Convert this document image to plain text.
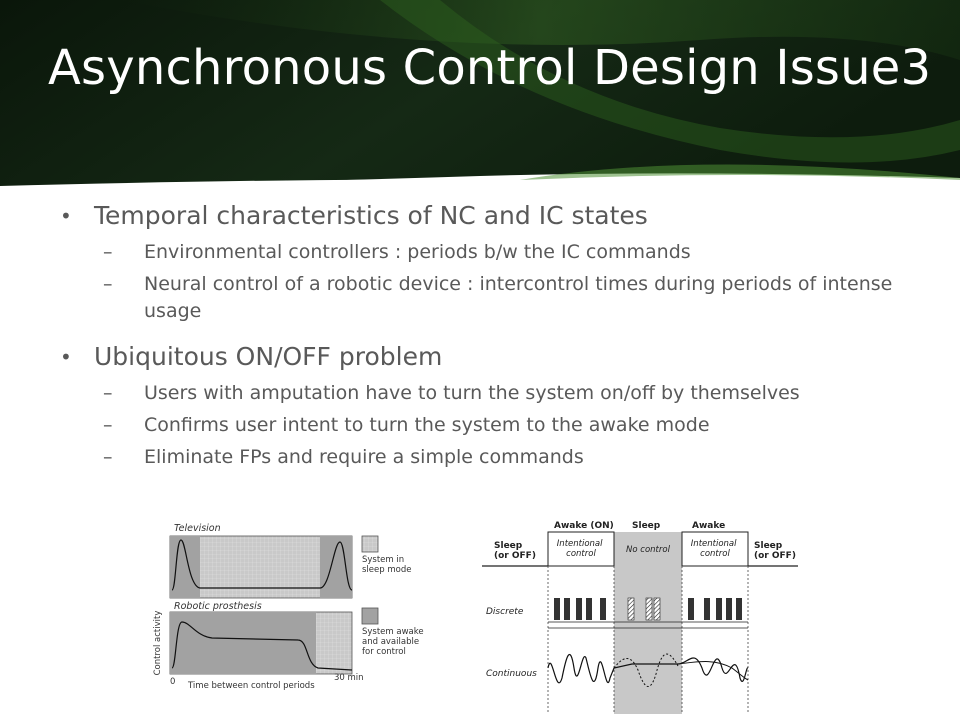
Asynchronous Control Design Issue3
• Temporal characteristics of NC and IC states
– Environmental controllers : periods b/w the IC commands
– Neural control of a robotic device : intercontrol times during periods of intense usage
• Ubiquitous ON/OFF problem
– Users with amputation have to turn the system on/off by themselves
– Confirms user intent to turn the system to the awake mode
– Eliminate FPs and require a simple commands
Television
Robotic prosthesis
Control activity
0 Time between control periods
30 min
System in sleep mode
System awake and available for control
Sleep (or OFF)
Awake (ON) Sleep	Awake
Sleep (or OFF)
Intentional control	No control
Intentional control
Discrete
Continuous
